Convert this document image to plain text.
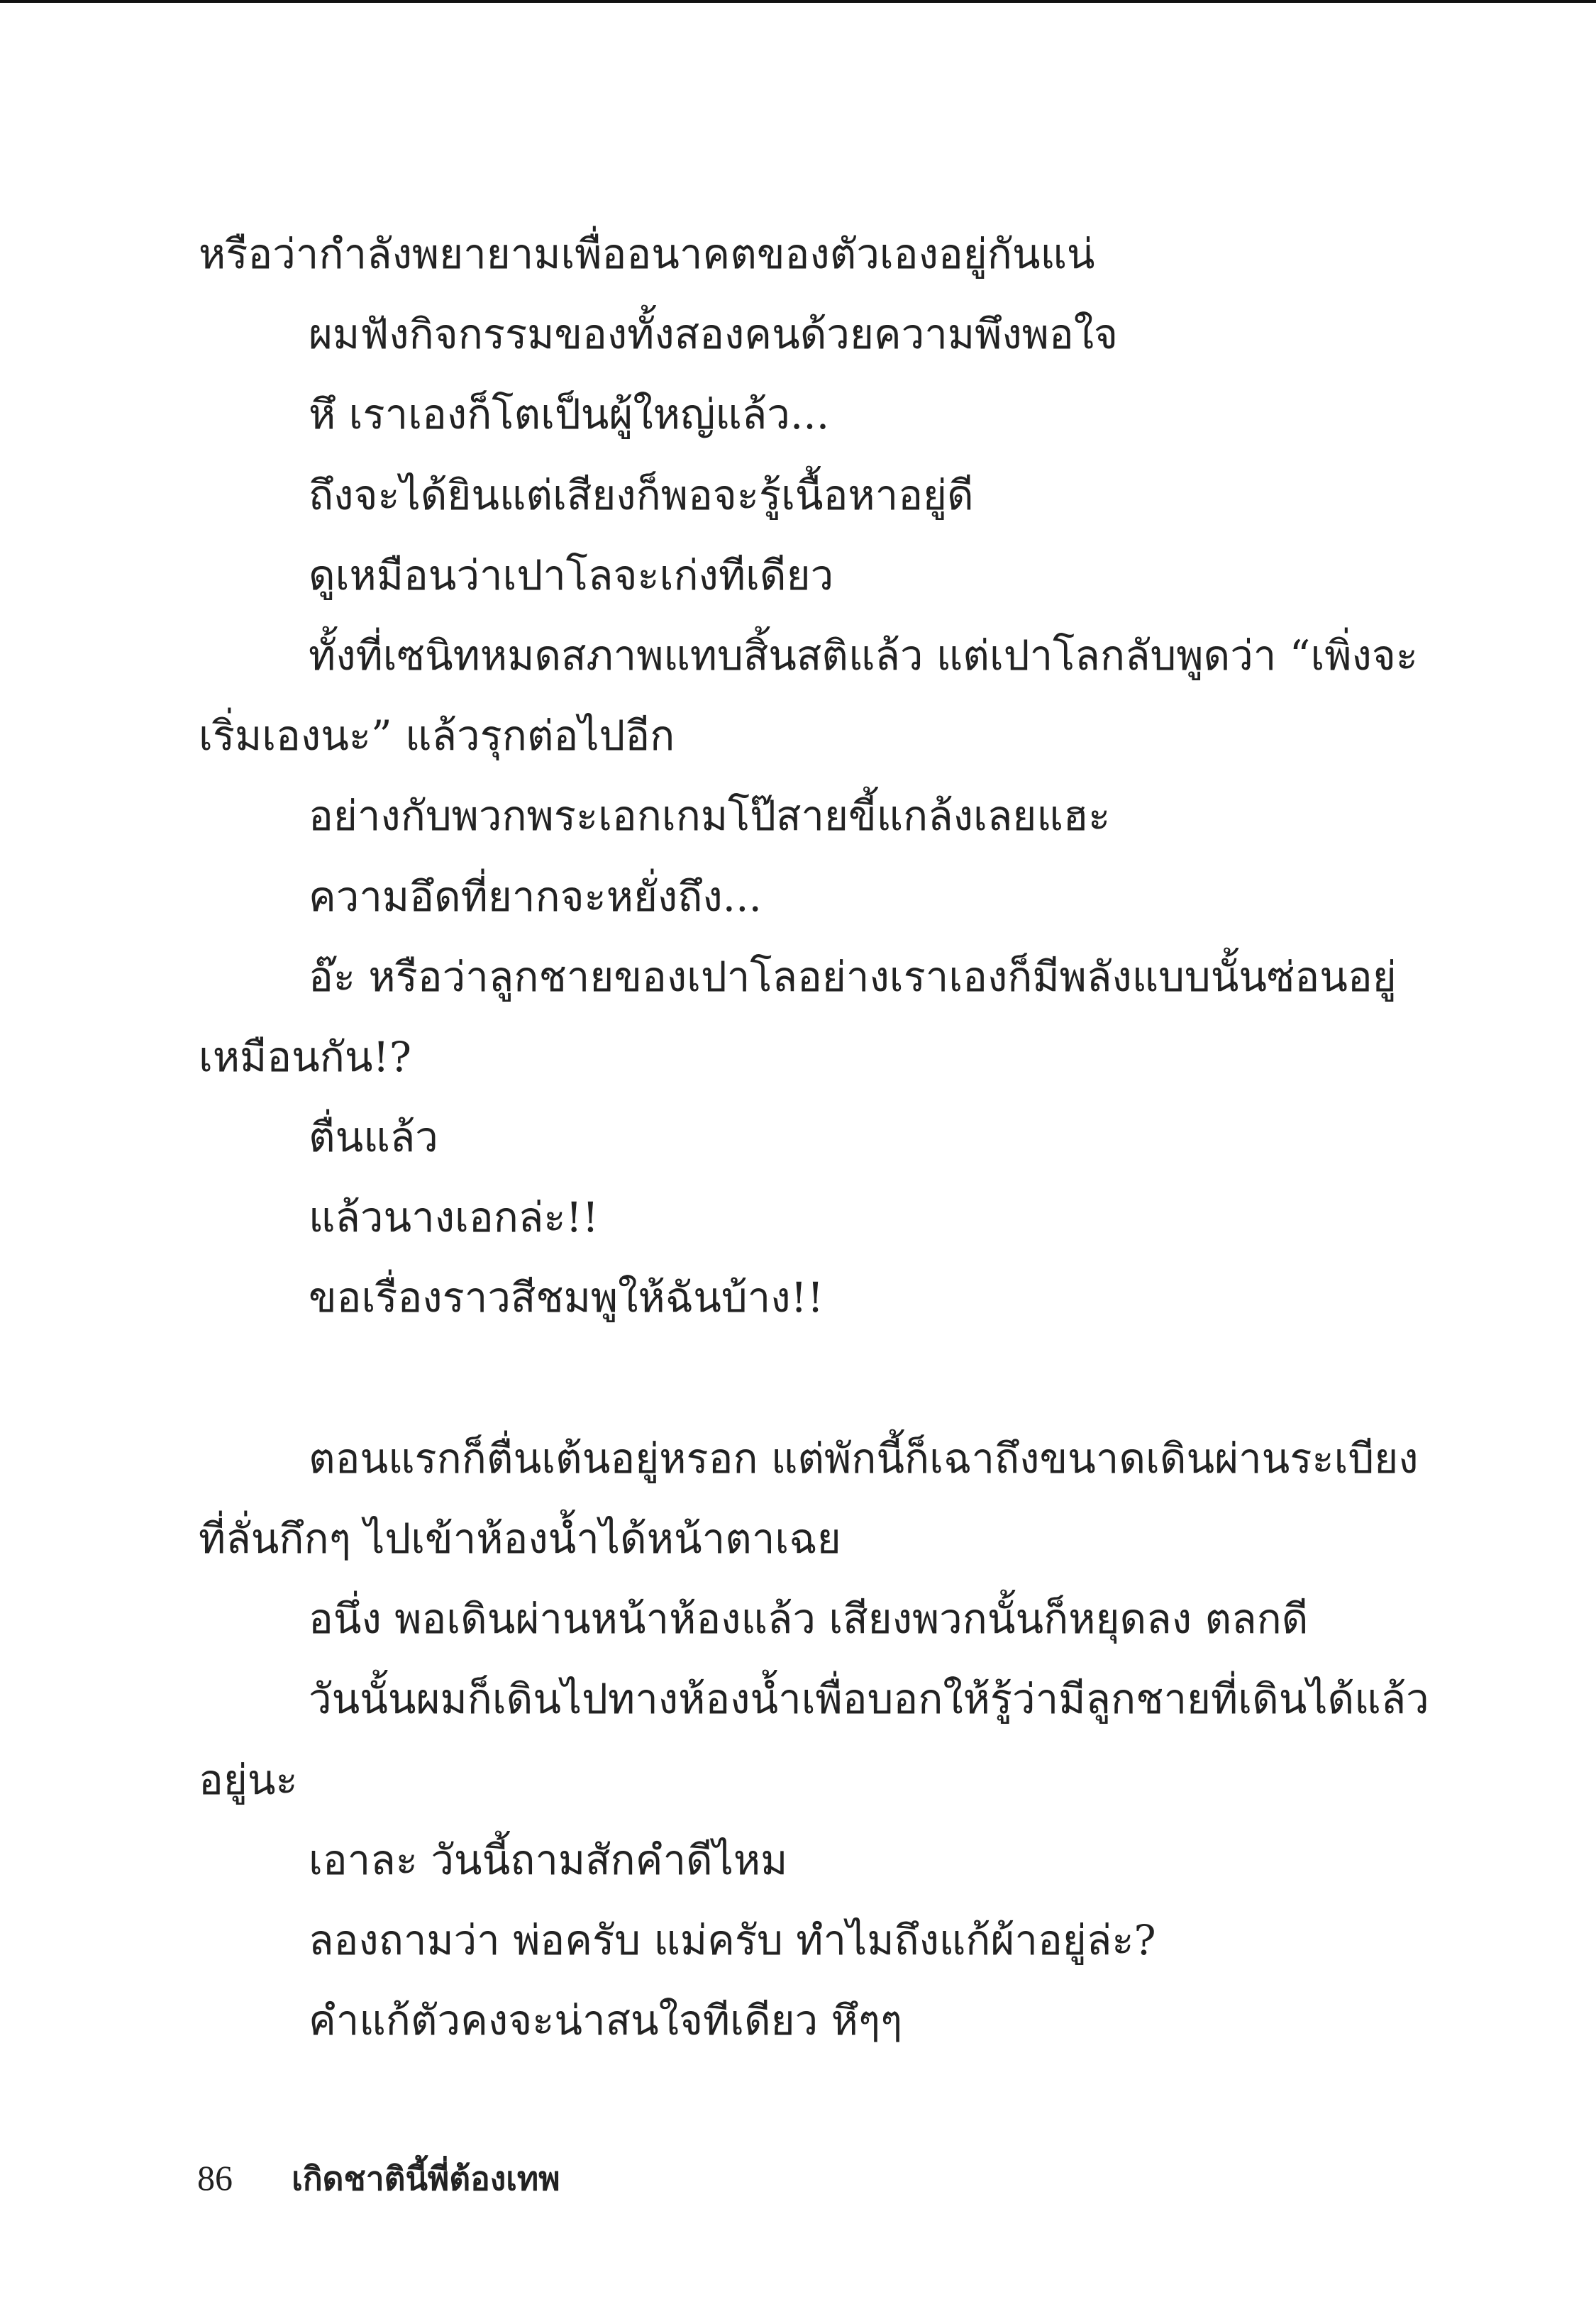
หรือว่ากำลังพยายามเพื่ออนาคตของตัวเองอยู่กันแน่
ผมฟังกิจกรรมของทั้งสองคนด้วยความพึงพอใจ
หึ เราเองก็โตเป็นผู้ใหญ่แล้ว...
ถึงจะได้ยินแต่เสียงก็พอจะรู้เนื้อหาอยู่ดี
ดูเหมือนว่าเปาโลจะเก่งทีเดียว
ทั้งที่เซนิทหมดสภาพแทบสิ้นสติแล้ว แต่เปาโลกลับพูดว่า “เพิ่งจะ
เริ่มเองนะ” แล้วรุกต่อไปอีก
อย่างกับพวกพระเอกเกมโป๊สายขี้แกล้งเลยแฮะ
ความอึดที่ยากจะหยั่งถึง...
อ๊ะ หรือว่าลูกชายของเปาโลอย่างเราเองก็มีพลังแบบนั้นซ่อนอยู่
เหมือนกัน!?
ตื่นแล้ว
แล้วนางเอกล่ะ!!
ขอเรื่องราวสีชมพูให้ฉันบ้าง!!
ตอนแรกก็ตื่นเต้นอยู่หรอก แต่พักนี้ก็เฉาถึงขนาดเดินผ่านระเบียง
ที่ลั่นกึกๆ ไปเข้าห้องน้ำได้หน้าตาเฉย
อนึ่ง พอเดินผ่านหน้าห้องแล้ว เสียงพวกนั้นก็หยุดลง ตลกดี
วันนั้นผมก็เดินไปทางห้องน้ำเพื่อบอกให้รู้ว่ามีลูกชายที่เดินได้แล้ว
อยู่นะ
เอาละ วันนี้ถามสักคำดีไหม
ลองถามว่า พ่อครับ แม่ครับ ทำไมถึงแก้ผ้าอยู่ล่ะ?
คำแก้ตัวคงจะน่าสนใจทีเดียว หึๆๆ
86 เกิดชาตินี้พี่ต้องเทพ
